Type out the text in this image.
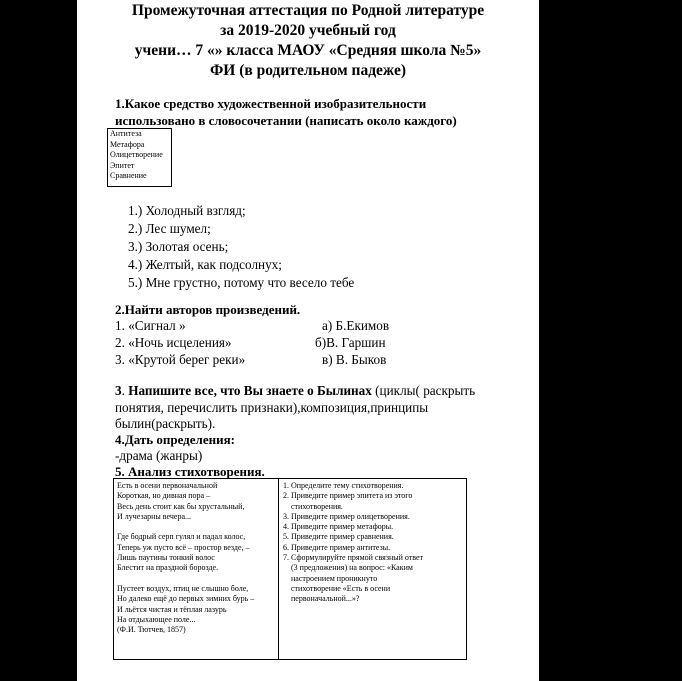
Промежуточная аттестация по Родной литературе
за 2019-2020 учебный год
учени… 7 «» класса МАОУ «Средняя школа №5»
ФИ (в родительном падеже)
1.Какое средство художественной изобразительности
использовано в словосочетании (написать около каждого)
Антитеза
Метафора
Олицетворение
Эпитет
Сравнение
1.) Холодный взгляд;
2.) Лес шумел;
3.) Золотая осень;
4.) Желтый, как подсолнух;
5.) Мне грустно, потому что весело тебе
2.Найти авторов произведений.
1. «Сигнал »
2. «Ночь исцеления»
3. «Крутой берег реки»
а) Б.Екимов
б)В. Гаршин
в) В. Быков
3. Напишите все, что Вы знаете о Былинах (циклы( раскрыть
понятия, перечислить признаки),композиция,принципы
былин(раскрыть).
4.Дать определения:
-драма (жанры)
5. Анализ стихотворения.
Есть в осени первоначальной
Короткая, но дивная пора –
Весь день стоит как бы хрустальный,
И лучезарны вечера...
Где бодрый серп гулял и падал колос,
Теперь уж пусто всё – простор везде, –
Лишь паутины тонкий волос
Блестит на праздной борозде.
Пустеет воздух, птиц не слышно боле,
Но далеко ещё до первых зимних бурь –
И льётся чистая и тёплая лазурь
На отдыхающее поле...
(Ф.И. Тютчев, 1857)
1. Определите тему стихотворения.
2. Приведите пример эпитета из этого
стихотворения.
3. Приведите пример олицетворения.
4. Приведите пример метафоры.
5. Приведите пример сравнения.
6. Приведите пример антитезы.
7. Сформулируйте прямой связный ответ
(3 предложения) на вопрос: «Каким
настроением проникнуто
стихотворение «Есть в осени
первоначальной...»?
